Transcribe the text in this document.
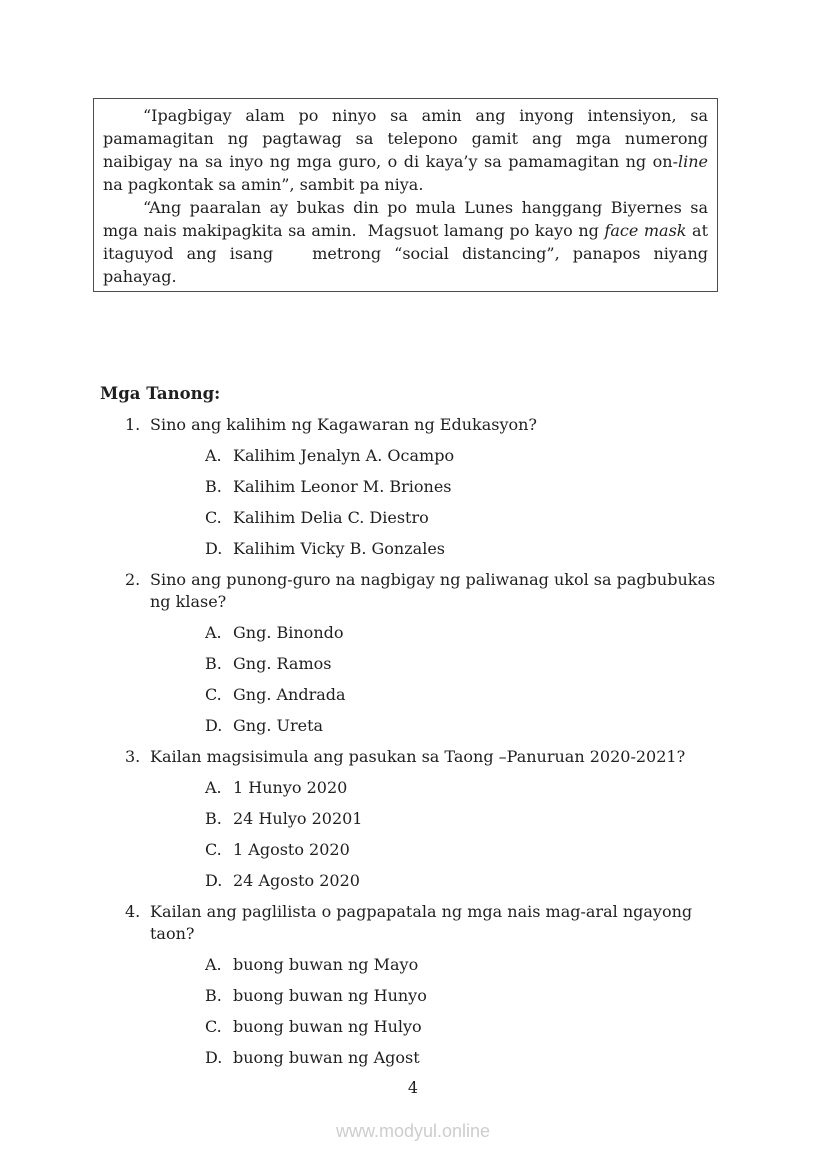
“Ipagbigay alam po ninyo sa amin ang inyong intensiyon, sa pamamagitan ng pagtawag sa telepono gamit ang mga numerong naibigay na sa inyo ng mga guro, o di kaya’y sa pamamagitan ng on-line na pagkontak sa amin”, sambit pa niya.

“Ang paaralan ay bukas din po mula Lunes hanggang Biyernes sa mga nais makipagkita sa amin.  Magsuot lamang po kayo ng face mask at itaguyod ang isang   metrong “social distancing”, panapos niyang pahayag.

Mga Tanong:

1. Sino ang kalihim ng Kagawaran ng Edukasyon?
A. Kalihim Jenalyn A. Ocampo
B. Kalihim Leonor M. Briones
C. Kalihim Delia C. Diestro
D. Kalihim Vicky B. Gonzales
2. Sino ang punong-guro na nagbigay ng paliwanag ukol sa pagbubukas ng klase?
A. Gng. Binondo
B. Gng. Ramos
C. Gng. Andrada
D. Gng. Ureta
3. Kailan magsisimula ang pasukan sa Taong –Panuruan 2020-2021?
A. 1 Hunyo 2020
B. 24 Hulyo 20201
C. 1 Agosto 2020
D. 24 Agosto 2020
4. Kailan ang paglilista o pagpapatala ng mga nais mag-aral ngayong taon?
A. buong buwan ng Mayo
B. buong buwan ng Hunyo
C. buong buwan ng Hulyo
D. buong buwan ng Agost
4
www.modyul.online
